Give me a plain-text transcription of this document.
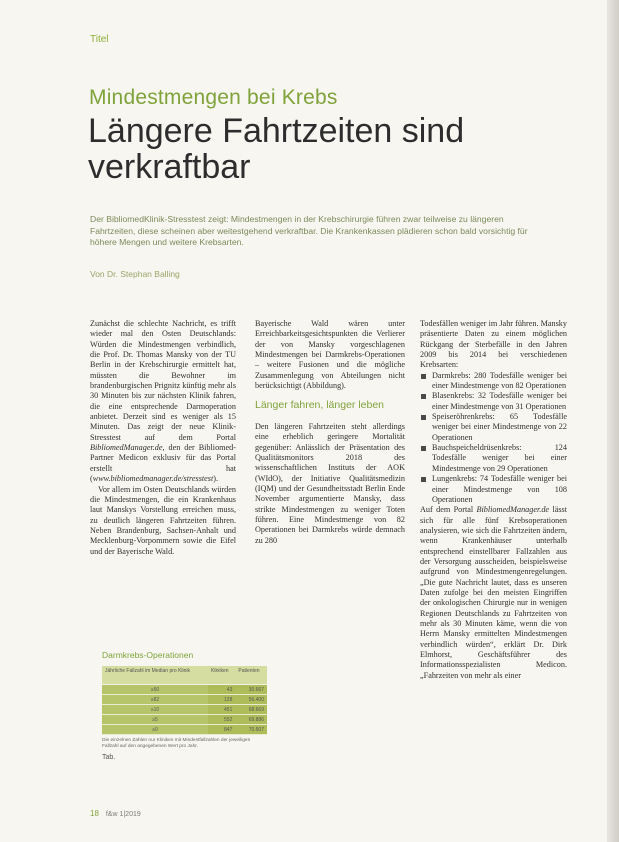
Titel
Mindestmengen bei Krebs
Längere Fahrtzeiten sind verkraftbar
Der BibliomedKlinik-Stresstest zeigt: Mindestmengen in der Krebschirurgie führen zwar teilweise zu längeren Fahrtzeiten, diese scheinen aber weitestgehend verkraftbar. Die Krankenkassen plädieren schon bald vorsichtig für höhere Mengen und weitere Krebsarten.
Von Dr. Stephan Balling

Zunächst die schlechte Nachricht, es trifft wieder mal den Osten Deutschlands: Würden die Mindestmengen verbindlich, die Prof. Dr. Thomas Mansky von der TU Berlin in der Krebschirurgie ermittelt hat, müssten die Bewohner im brandenburgischen Prignitz künftig mehr als 30 Minuten bis zur nächsten Klinik fahren, die eine entsprechende Darmoperation anbietet. Derzeit sind es weniger als 15 Minuten. Das zeigt der neue Klinik-Stresstest auf dem Portal BibliomedManager.de, den der Bibliomed-Partner Medicon exklusiv für das Portal erstellt hat (www.bibliomedmanager.de/stresstest).

Vor allem im Osten Deutschlands würden die Mindestmengen, die ein Krankenhaus laut Manskys Vorstellung erreichen muss, zu deutlich längeren Fahrtzeiten führen. Neben Brandenburg, Sachsen-Anhalt und Mecklenburg-Vorpommern sowie die Eifel und der Bayerische Wald.

Bayerische Wald wären unter Erreichbarkeitsgesichtspunkten die Verlierer der von Mansky vorgeschlagenen Mindestmengen bei Darmkrebs-Operationen – weitere Fusionen und die mögliche Zusammenlegung von Abteilungen nicht berücksichtigt (Abbildung).

Länger fahren, länger leben

Den längeren Fahrtzeiten steht allerdings eine erheblich geringere Mortalität gegenüber: Anlässlich der Präsentation des Qualitätsmonitors 2018 des wissenschaftlichen Instituts der AOK (WIdO), der Initiative Qualitätsmedizin (IQM) und der Gesundheitsstadt Berlin Ende November argumentierte Mansky, dass strikte Mindestmengen zu weniger Toten führen. Eine Mindestmenge von 82 Operationen bei Darmkrebs würde demnach zu 280

Todesfällen weniger im Jahr führen. Mansky präsentierte Daten zu einem möglichen Rückgang der Sterbefälle in den Jahren 2009 bis 2014 bei verschiedenen Krebsarten:

Darmkrebs: 280 Todesfälle weniger bei einer Mindestmenge von 82 Operationen
Blasenkrebs: 32 Todesfälle weniger bei einer Mindestmenge von 31 Operationen
Speiseröhrenkrebs: 65 Todesfälle weniger bei einer Mindestmenge von 22 Operationen
Bauchspeicheldrüsenkrebs: 124 Todesfälle weniger bei einer Mindestmenge von 29 Operationen
Lungenkrebs: 74 Todesfälle weniger bei einer Mindestmenge von 108 Operationen

Auf dem Portal BibliomedManager.de lässt sich für alle fünf Krebsoperationen analysieren, wie sich die Fahrtzeiten ändern, wenn Krankenhäuser unterhalb entsprechend einstellbarer Fallzahlen aus der Versorgung ausscheiden, beispielsweise aufgrund von Mindestmengenregelungen. „Die gute Nachricht lautet, dass es unseren Daten zufolge bei den meisten Eingriffen der onkologischen Chirurgie nur in wenigen Regionen Deutschlands zu Fahrtzeiten von mehr als 30 Minuten käme, wenn die von Herrn Mansky ermittelten Mindestmengen verbindlich würden“, erklärt Dr. Dirk Elmhorst, Geschäftsführer des Informationsspezialisten Medicon. „Fahrzeiten von mehr als einer

Darmkrebs-Operationen
Jährliche Fallzahl im Median pro Klinik	Kliniken	Patienten
≥50	43	30.667
≥82	128	56.400
≥10	451	68.669
≥5	552	69.886
≥0	847	70.507
Die einzelnen Zahlen nur Kliniken mit Mindestfallzahlen der jeweiligen Fallzahl auf den angegebenen Wert pro Jahr.
Tab.
18 f&w 1|2019
